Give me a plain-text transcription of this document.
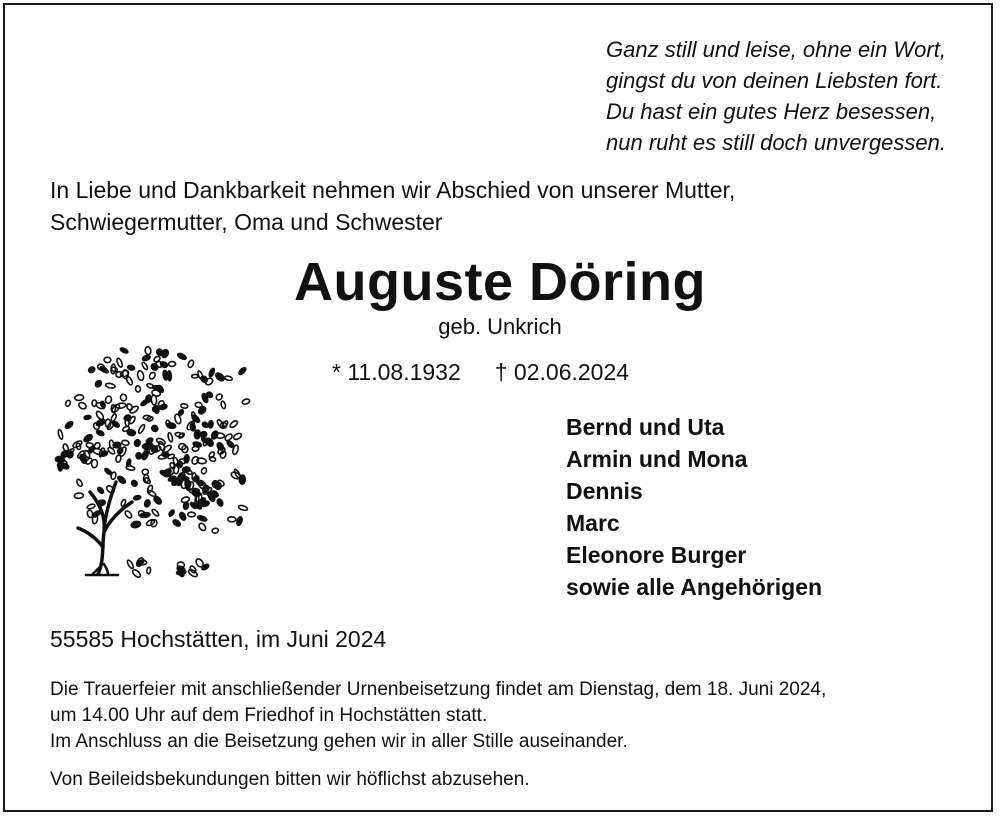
Ganz still und leise, ohne ein Wort,
gingst du von deinen Liebsten fort.
Du hast ein gutes Herz besessen,
nun ruht es still doch unvergessen.
In Liebe und Dankbarkeit nehmen wir Abschied von unserer Mutter,
Schwiegermutter, Oma und Schwester
Auguste Döring
geb. Unkrich
* 11.08.1932 † 02.06.2024
Bernd und Uta
Armin und Mona
Dennis
Marc
Eleonore Burger
sowie alle Angehörigen
55585 Hochstätten, im Juni 2024
Die Trauerfeier mit anschließender Urnenbeisetzung findet am Dienstag, dem 18. Juni 2024,
um 14.00 Uhr auf dem Friedhof in Hochstätten statt.
Im Anschluss an die Beisetzung gehen wir in aller Stille auseinander.
Von Beileidsbekundungen bitten wir höflichst abzusehen.
